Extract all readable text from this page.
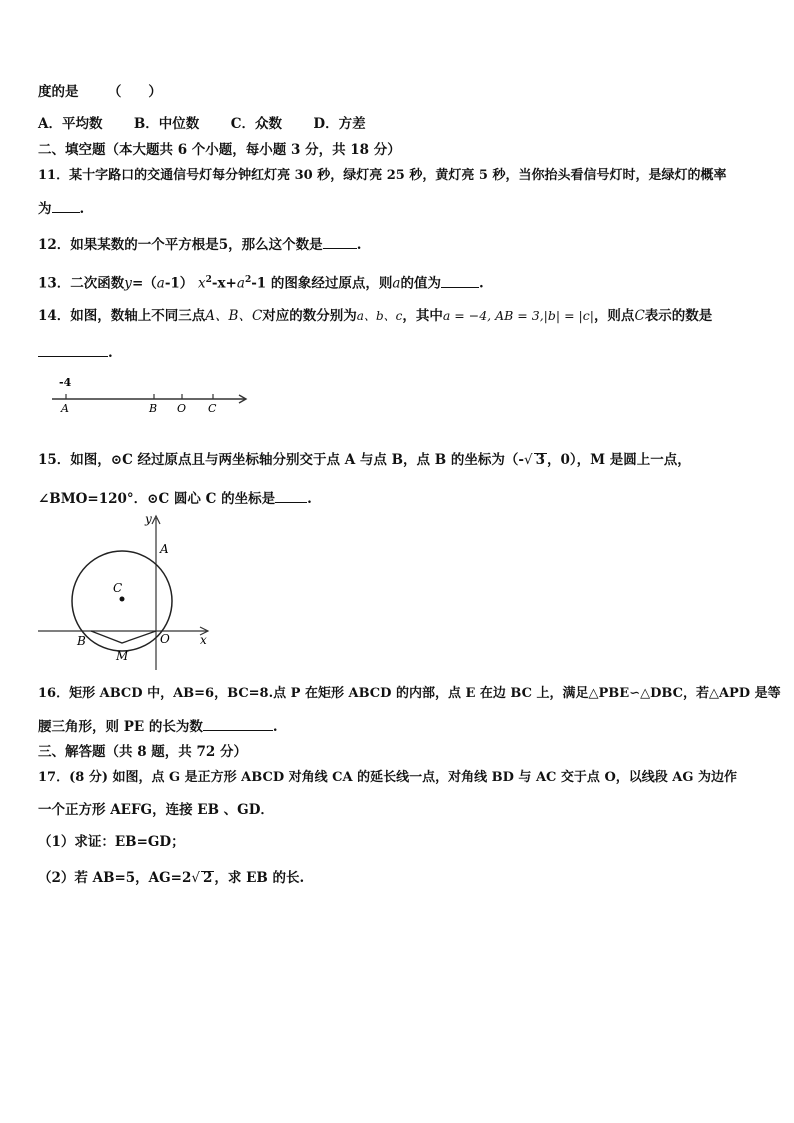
度的是 （　　）
A．平均数 B．中位数 C．众数 D．方差
二、填空题（本大题共 6 个小题，每小题 3 分，共 18 分）
11．某十字路口的交通信号灯每分钟红灯亮 30 秒，绿灯亮 25 秒，黄灯亮 5 秒，当你抬头看信号灯时，是绿灯的概率
为 .
12．如果某数的一个平方根是5，那么这个数是	.
13．二次函数y=（a-1） $x^2-x+a^2-1$ 的图象经过原点，则a的值为	.
14．如图，数轴上不同三点A、B、C对应的数分别为a、b、c，其中a = −4, AB = 3,|b| = |c|，则点C表示的数是
.
-4
A	B O C
15．如图，⊙C 经过原点且与两坐标轴分别交于点 A 与点 B，点 B 的坐标为（-√ 3 ，0），M 是圆上一点，
∠BMO=120°．⊙C 圆心 C 的坐标是 .
y
x
A
C
B	O
M
16．矩形 ABCD 中，AB=6，BC=8.点 P 在矩形 ABCD 的内部，点 E 在边 BC 上，满足△PBE∽△DBC，若△APD 是等
腰三角形，则 PE 的长为数	.
三、解答题（共 8 题，共 72 分）
17．(8 分) 如图，点 G 是正方形 ABCD 对角线 CA 的延长线一点，对角线 BD 与 AC 交于点 O，以线段 AG 为边作
一个正方形 AEFG，连接 EB 、GD．
（1）求证：EB=GD；
（2）若 AB=5，AG=2√ 2 ，求 EB 的长.
